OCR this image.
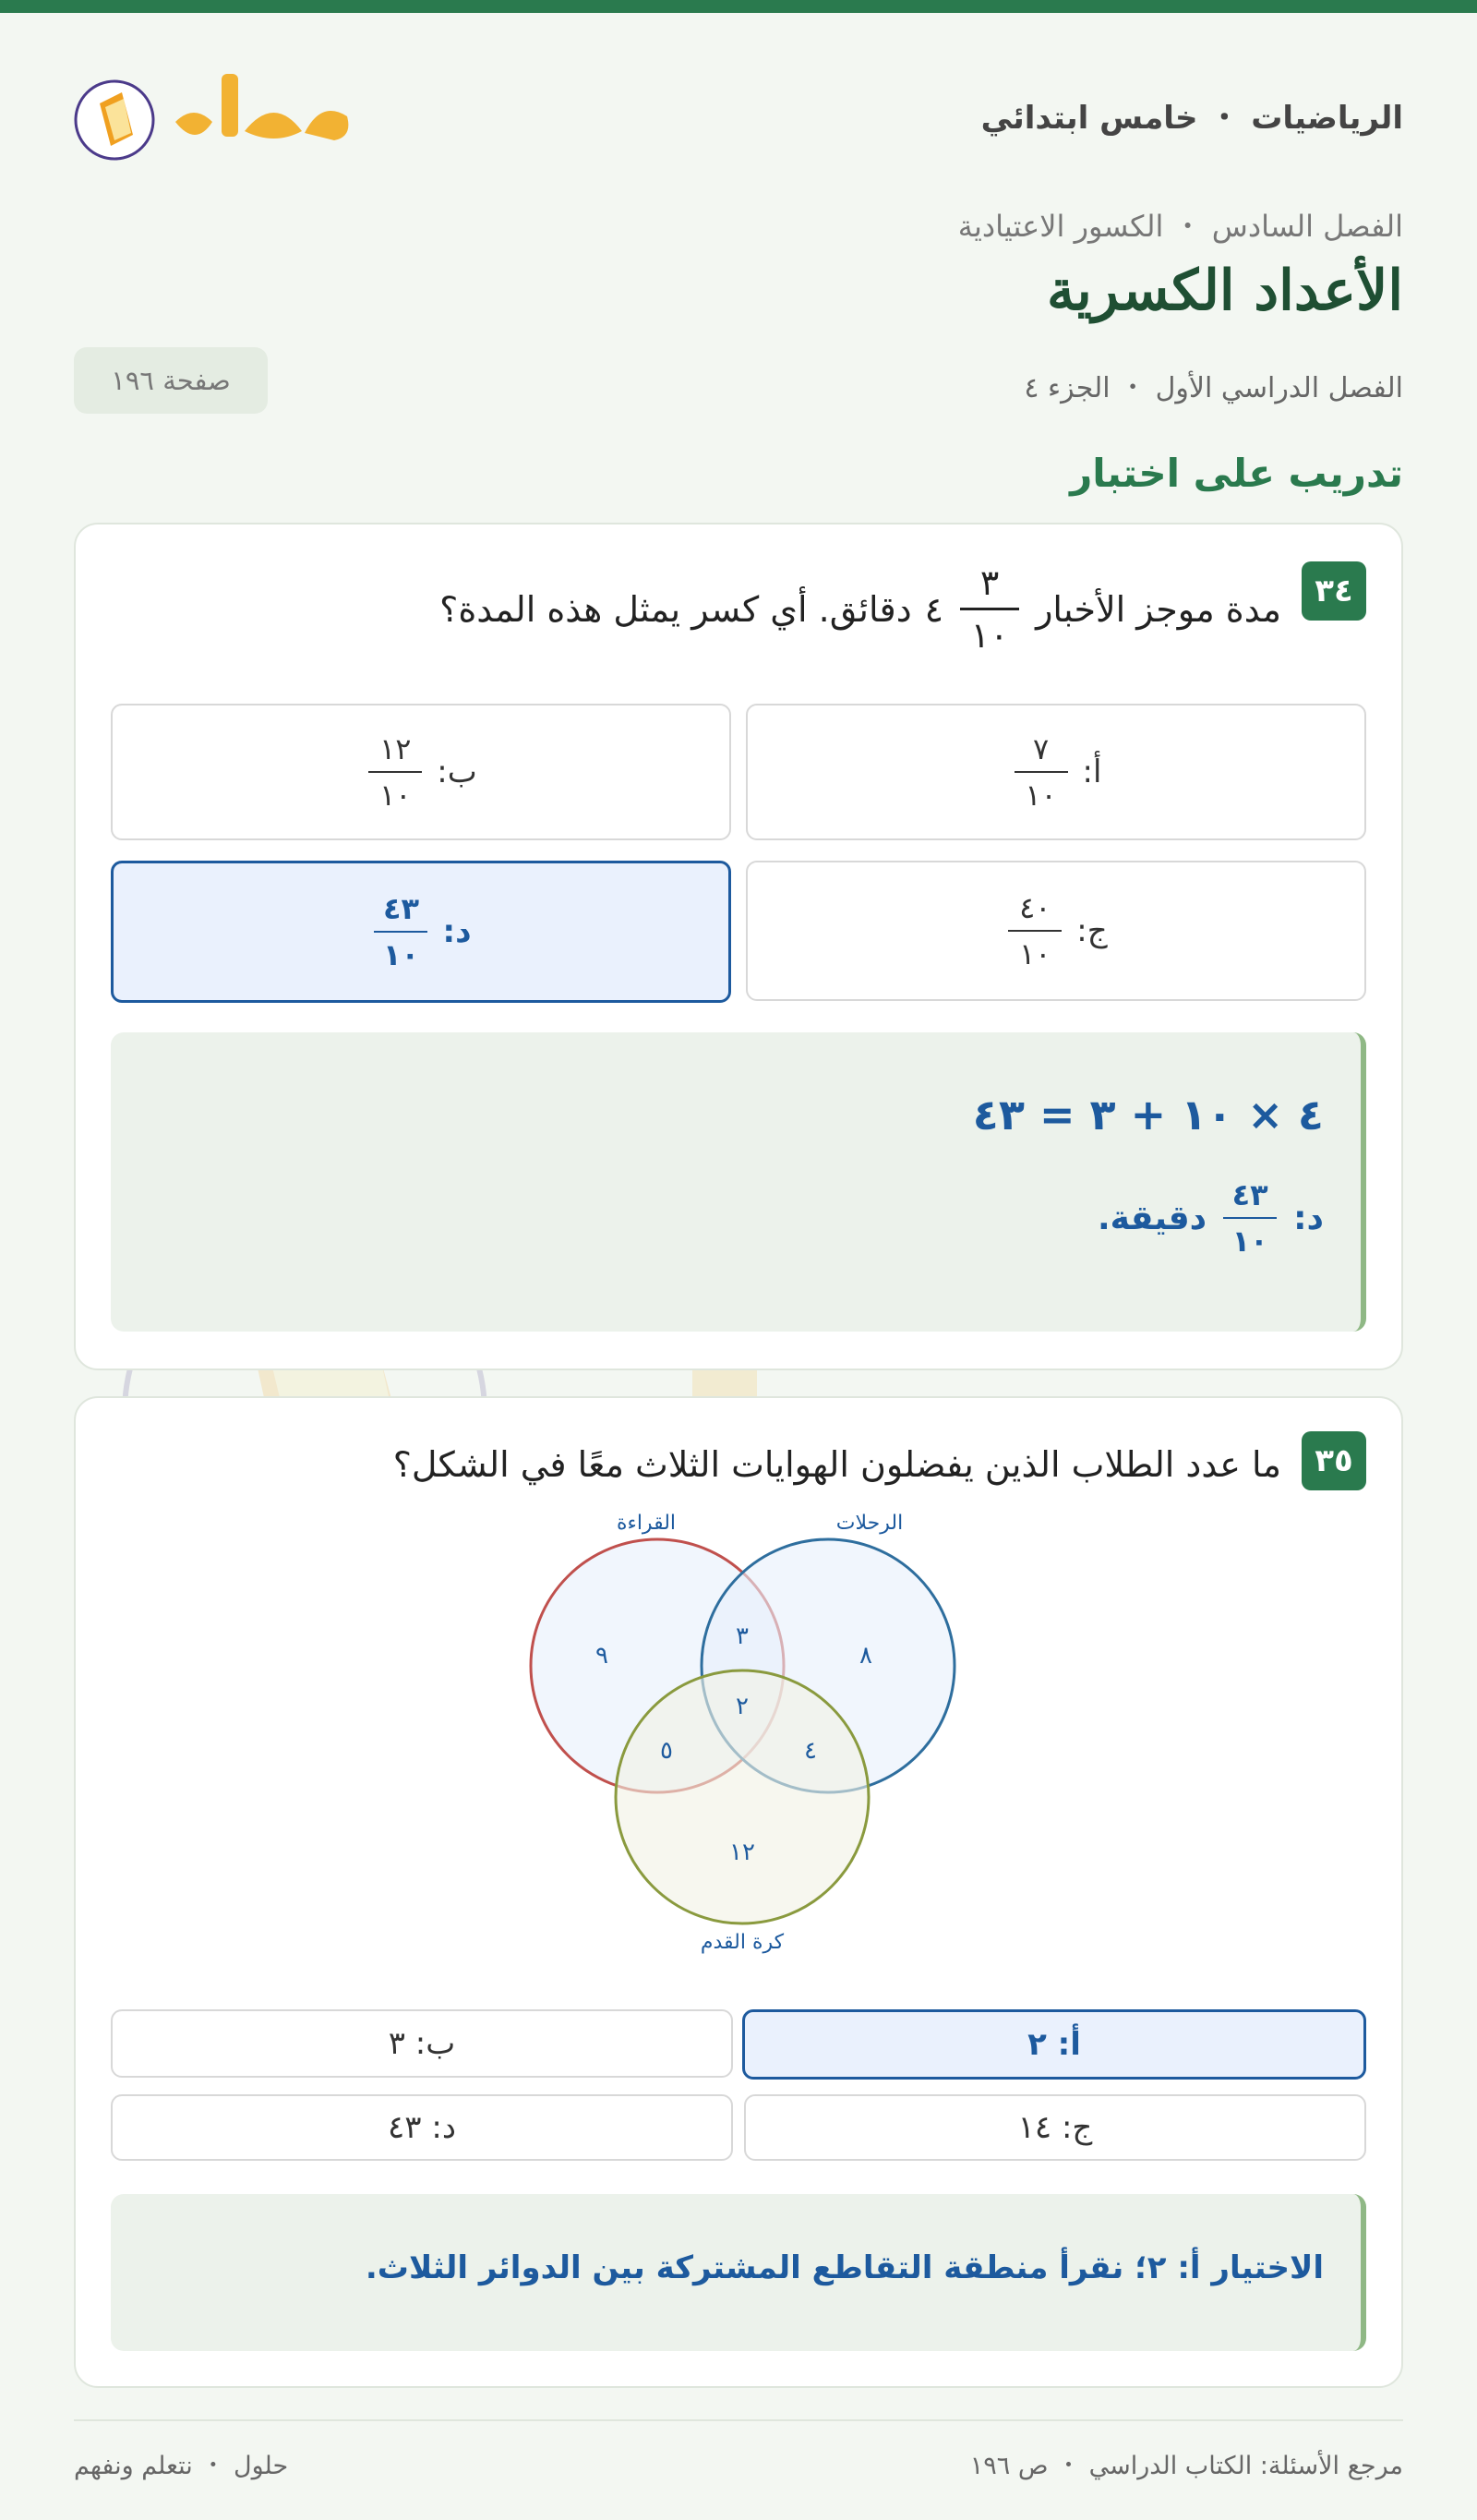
الرياضيات ・ خامس ابتدائي
الفصل السادس ・ الكسور الاعتيادية
الأعداد الكسرية
الفصل الدراسي الأول ・ الجزء ٤
صفحة ١٩٦
تدريب على اختبار
٣٤
مدة موجز الأخبار
$\frac{٣}{١٠}$
٤
دقائق. أي كسر يمثل هذه المدة؟
أ:
$\frac{٧}{١٠}$
ب:
$\frac{١٢}{١٠}$
ج:
$\frac{٤٠}{١٠}$
د:
$\frac{٤٣}{١٠}$
٤ × ١٠ + ٣ = ٤٣
د:
$\frac{٤٣}{١٠}$
دقيقة.
٣٥
ما عدد الطلاب الذين يفضلون الهوايات الثلاث معًا في الشكل؟
القراءة	الرحلات
كرة القدم
٩	٨
٣
٢
٥	٤
١٢
أ: ٢
ب: ٣
ج: ١٤
د: ٤٣
الاختيار أ: ٢؛ نقرأ منطقة التقاطع المشتركة بين الدوائر الثلاث.
مرجع الأسئلة: الكتاب الدراسي ・ ص ١٩٦
حلول ・ نتعلم ونفهم
